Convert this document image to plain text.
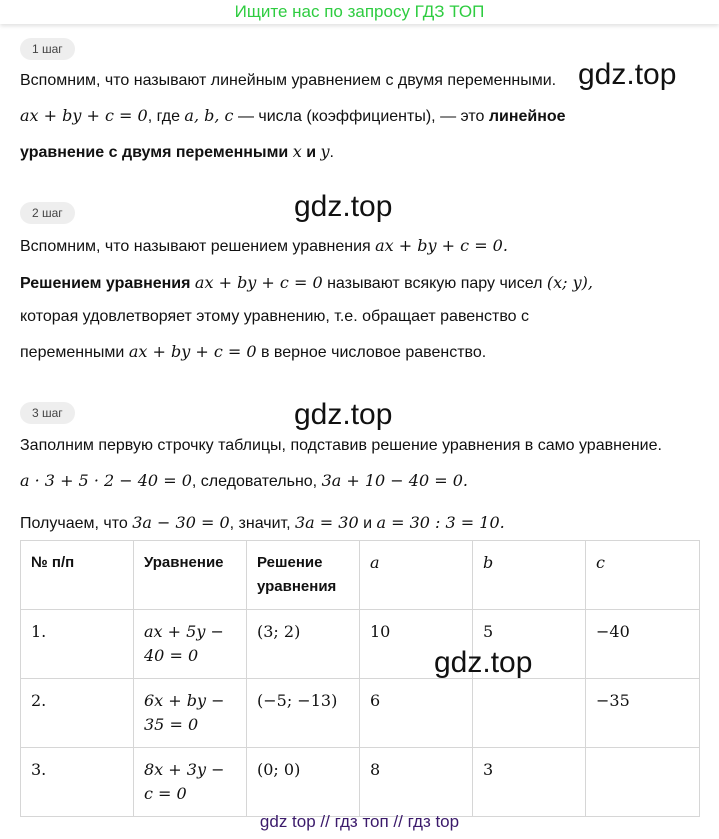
Ищите нас по запросу ГДЗ ТОП
1 шаг
Вспомним, что называют линейным уравнением с двумя переменными. gdz.top
ax + by + c = 0, где a, b, c — числа (коэффициенты), — это линейное
уравнение с двумя переменными x и y.
2 шаг	gdz.top
Вспомним, что называют решением уравнения ax + by + c = 0.
Решением уравнения ax + by + c = 0 называют всякую пару чисел (x; y),
которая удовлетворяет этому уравнению, т.е. обращает равенство с
переменными ax + by + c = 0 в верное числовое равенство.
3 шаг	gdz.top
Заполним первую строчку таблицы, подставив решение уравнения в само уравнение.
a · 3 + 5 · 2 − 40 = 0, следовательно, 3a + 10 − 40 = 0.
Получаем, что 3a − 30 = 0, значит, 3a = 30 и a = 30 : 3 = 10.
№ п/п	Уравнение	Решение уравнения	a	b	c
1.	ax + 5y − 40 = 0	(3; 2)	10	5	−40
2.	6x + by − 35 = 0	(−5; −13)	6		−35
3.	8x + 3y − c = 0	(0; 0)	8	3	
gdz.top
gdz top // гдз топ // гдз top
